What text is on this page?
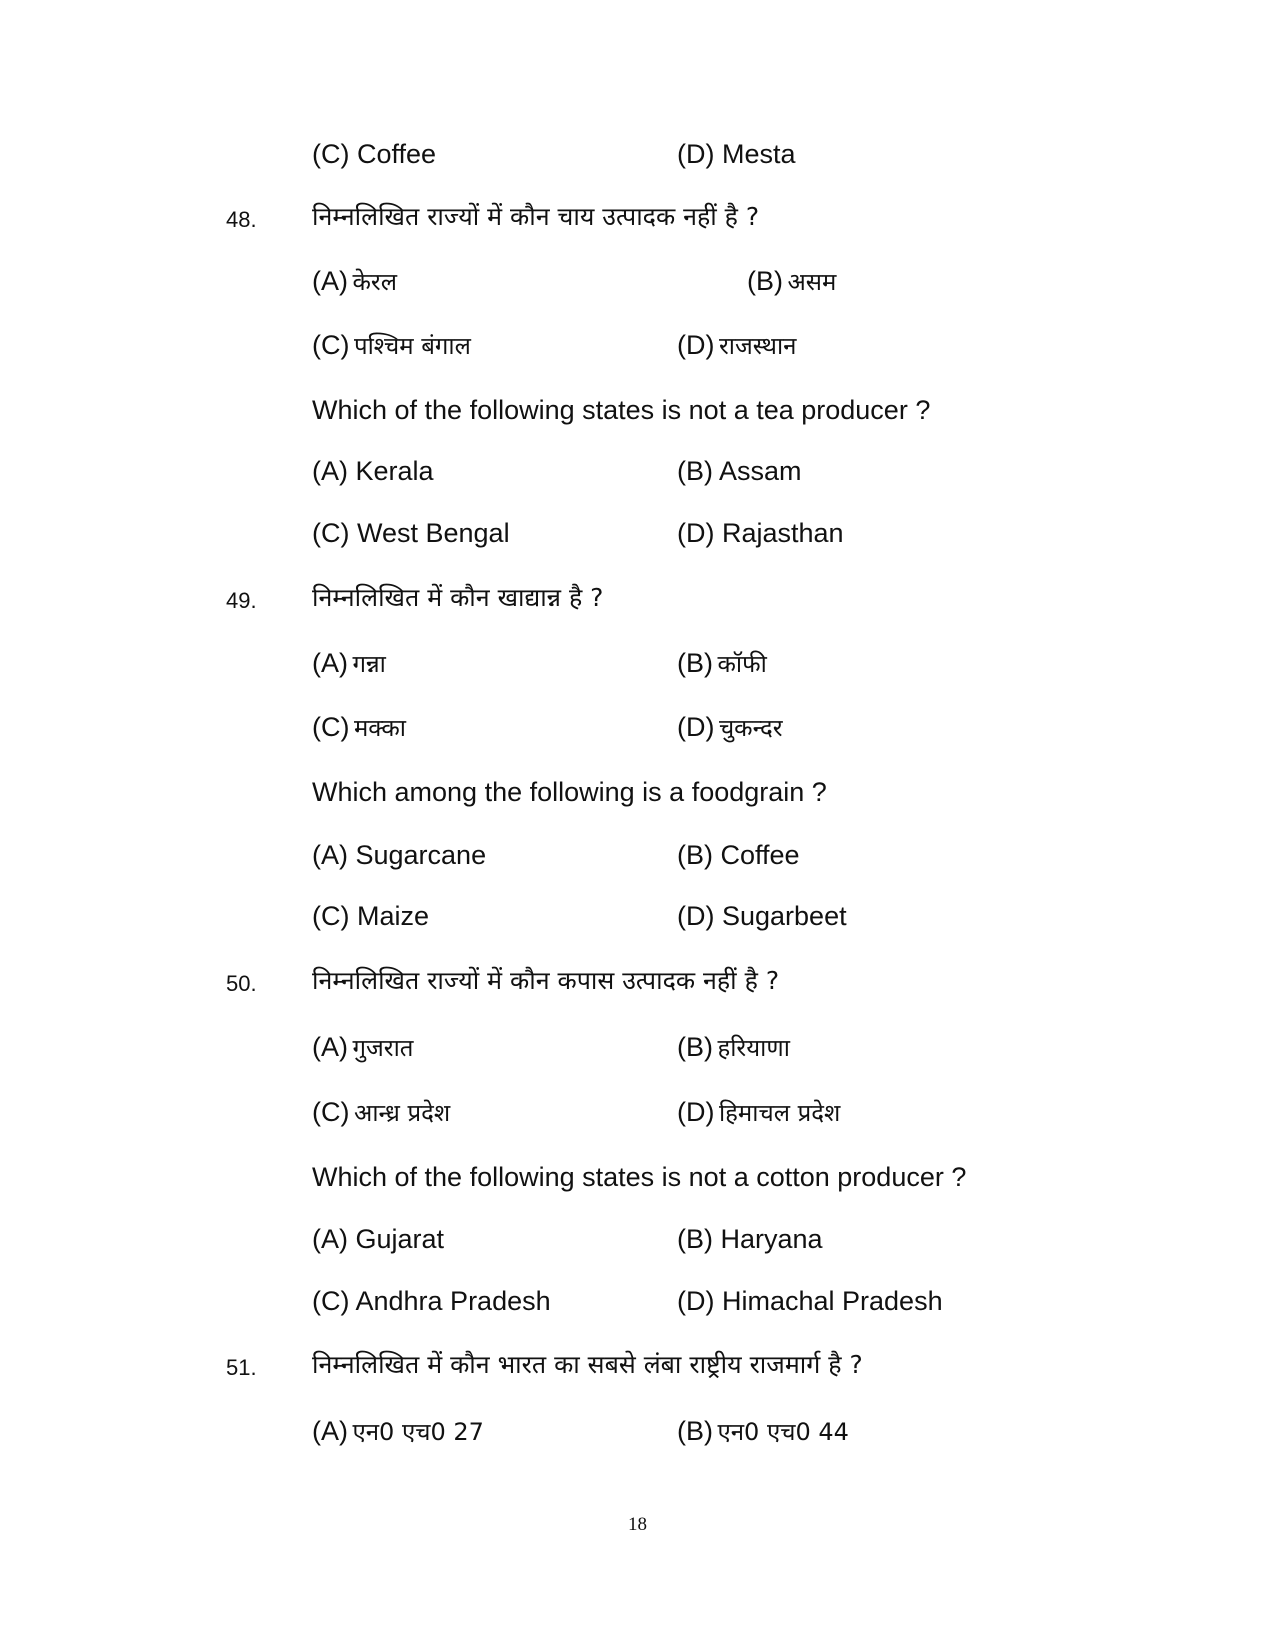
(C) Coffee	(D) Mesta
48. निम्नलिखित राज्यों में कौन चाय उत्पादक नहीं है ?
(A) केरल	(B) असम
(C) पश्चिम बंगाल	(D) राजस्थान
Which of the following states is not a tea producer ?
(A) Kerala	(B) Assam
(C) West Bengal	(D) Rajasthan
49. निम्नलिखित में कौन खाद्यान्न है ?
(A) गन्ना	(B) कॉफी
(C) मक्का	(D) चुकन्दर
Which among the following is a foodgrain ?
(A) Sugarcane	(B) Coffee
(C) Maize	(D) Sugarbeet
50. निम्नलिखित राज्यों में कौन कपास उत्पादक नहीं है ?
(A) गुजरात	(B) हरियाणा
(C) आन्ध्र प्रदेश	(D) हिमाचल प्रदेश
Which of the following states is not a cotton producer ?
(A) Gujarat	(B) Haryana
(C) Andhra Pradesh	(D) Himachal Pradesh
51. निम्नलिखित में कौन भारत का सबसे लंबा राष्ट्रीय राजमार्ग है ?
(A) एन0 एच0 27	(B) एन0 एच0 44
18
